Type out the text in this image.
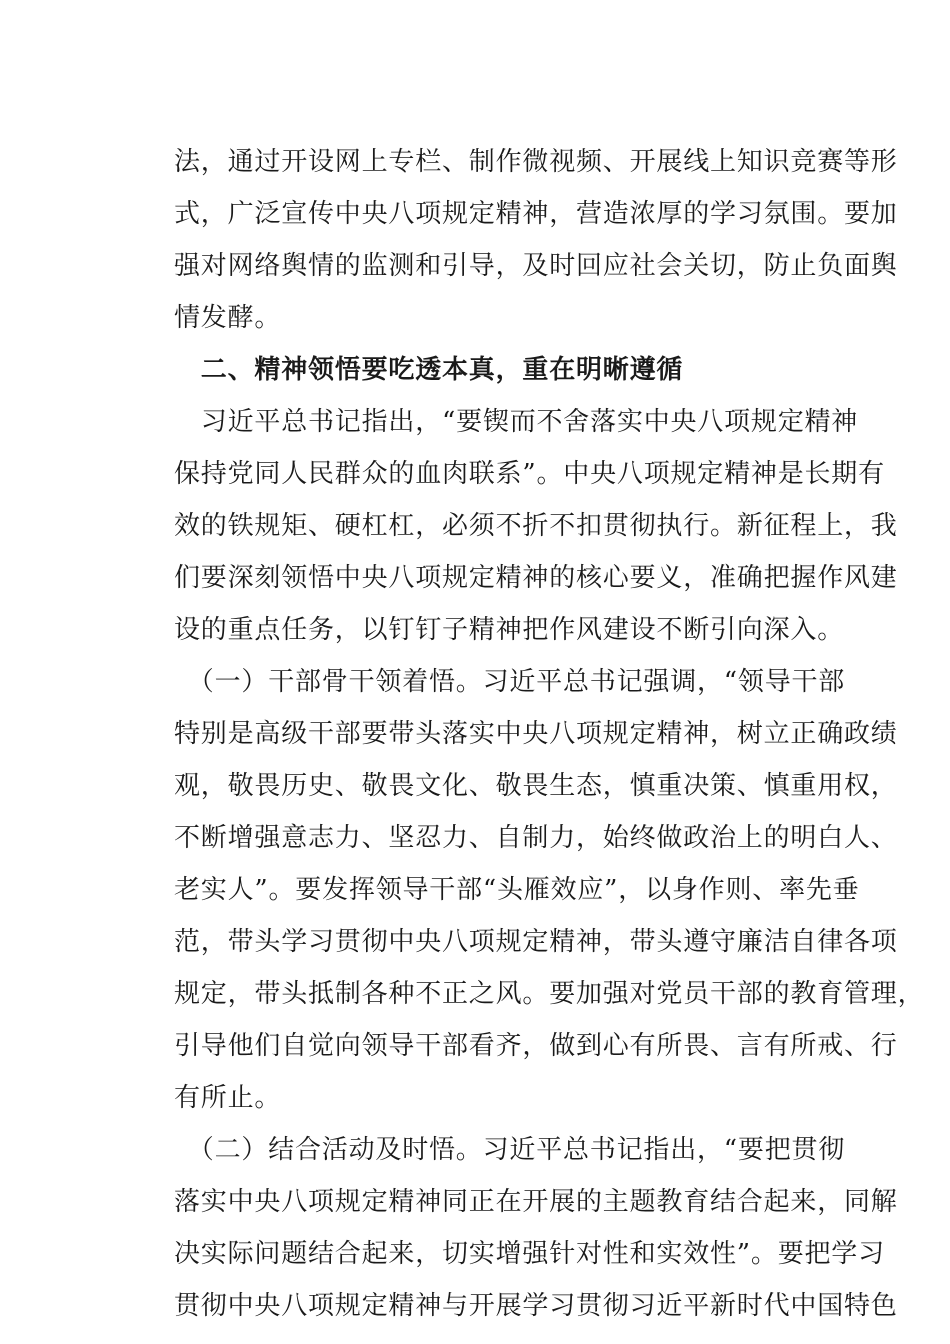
法，通过开设网上专栏、制作微视频、开展线上知识竞赛等形
式，广泛宣传中央八项规定精神，营造浓厚的学习氛围。要加
强对网络舆情的监测和引导，及时回应社会关切，防止负面舆
情发酵。
　二、精神领悟要吃透本真，重在明晰遵循
　习近平总书记指出，“要锲而不舍落实中央八项规定精神
保持党同人民群众的血肉联系”。中央八项规定精神是长期有
效的铁规矩、硬杠杠，必须不折不扣贯彻执行。新征程上，我
们要深刻领悟中央八项规定精神的核心要义，准确把握作风建
设的重点任务，以钉钉子精神把作风建设不断引向深入。
　（一）干部骨干领着悟。习近平总书记强调，“领导干部
特别是高级干部要带头落实中央八项规定精神，树立正确政绩
观，敬畏历史、敬畏文化、敬畏生态，慎重决策、慎重用权，
不断增强意志力、坚忍力、自制力，始终做政治上的明白人、
老实人”。要发挥领导干部“头雁效应”，以身作则、率先垂
范，带头学习贯彻中央八项规定精神，带头遵守廉洁自律各项
规定，带头抵制各种不正之风。要加强对党员干部的教育管理，
引导他们自觉向领导干部看齐，做到心有所畏、言有所戒、行
有所止。
　（二）结合活动及时悟。习近平总书记指出，“要把贯彻
落实中央八项规定精神同正在开展的主题教育结合起来，同解
决实际问题结合起来，切实增强针对性和实效性”。要把学习
贯彻中央八项规定精神与开展学习贯彻习近平新时代中国特色
